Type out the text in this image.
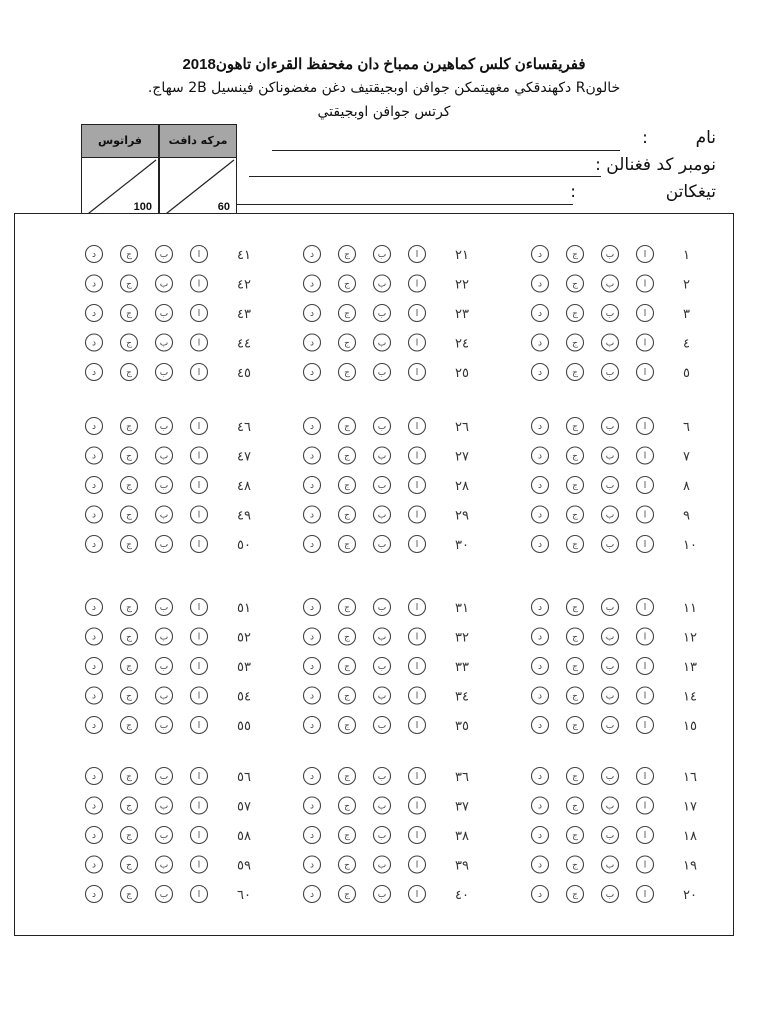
ففريقساءن كلس كماهيرن ممباخ دان مغحفظ القرءان تاهون2018
خالونR دكهندقكي مغهيتمكن جوافن اوبجيقتيف دغن مغضوناكن فينسيل 2B سهاج.
كرتس جوافن اوبجيقتي
فراتوس
100
مركه دافت
60
نام :
نومبر كد فغنالن :
تيغكاتن :
١
ا
ب
ج
د
٢
ا
ب
ج
د
٣
ا
ب
ج
د
٤
ا
ب
ج
د
٥
ا
ب
ج
د
٦
ا
ب
ج
د
٧
ا
ب
ج
د
٨
ا
ب
ج
د
٩
ا
ب
ج
د
١٠
ا
ب
ج
د
١١
ا
ب
ج
د
١٢
ا
ب
ج
د
١٣
ا
ب
ج
د
١٤
ا
ب
ج
د
١٥
ا
ب
ج
د
١٦
ا
ب
ج
د
١٧
ا
ب
ج
د
١٨
ا
ب
ج
د
١٩
ا
ب
ج
د
٢٠
ا
ب
ج
د
٢١
ا
ب
ج
د
٢٢
ا
ب
ج
د
٢٣
ا
ب
ج
د
٢٤
ا
ب
ج
د
٢٥
ا
ب
ج
د
٢٦
ا
ب
ج
د
٢٧
ا
ب
ج
د
٢٨
ا
ب
ج
د
٢٩
ا
ب
ج
د
٣٠
ا
ب
ج
د
٣١
ا
ب
ج
د
٣٢
ا
ب
ج
د
٣٣
ا
ب
ج
د
٣٤
ا
ب
ج
د
٣٥
ا
ب
ج
د
٣٦
ا
ب
ج
د
٣٧
ا
ب
ج
د
٣٨
ا
ب
ج
د
٣٩
ا
ب
ج
د
٤٠
ا
ب
ج
د
٤١
ا
ب
ج
د
٤٢
ا
ب
ج
د
٤٣
ا
ب
ج
د
٤٤
ا
ب
ج
د
٤٥
ا
ب
ج
د
٤٦
ا
ب
ج
د
٤٧
ا
ب
ج
د
٤٨
ا
ب
ج
د
٤٩
ا
ب
ج
د
٥٠
ا
ب
ج
د
٥١
ا
ب
ج
د
٥٢
ا
ب
ج
د
٥٣
ا
ب
ج
د
٥٤
ا
ب
ج
د
٥٥
ا
ب
ج
د
٥٦
ا
ب
ج
د
٥٧
ا
ب
ج
د
٥٨
ا
ب
ج
د
٥٩
ا
ب
ج
د
٦٠
ا
ب
ج
د
